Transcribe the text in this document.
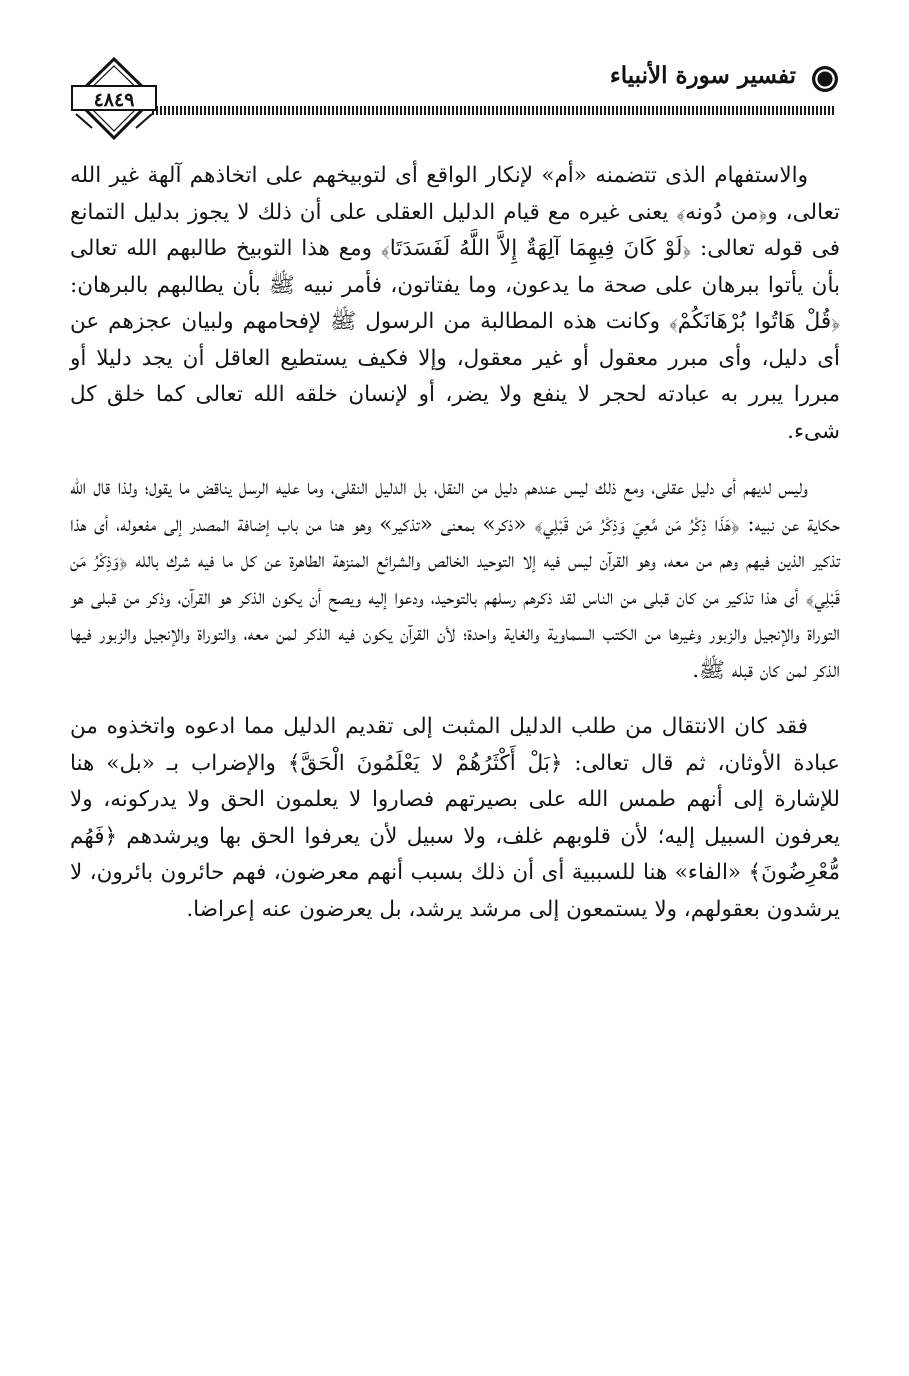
تفسير سورة الأنبياء
٤٨٤٩

والاستفهام الذى تتضمنه «أم» لإنكار الواقع أى لتوبيخهم على اتخاذهم آلهة غير الله تعالى، و﴿من دُونه﴾ يعنى غيره مع قيام الدليل العقلى على أن ذلك لا يجوز بدليل التمانع فى قوله تعالى: ﴿لَوْ كَانَ فِيهِمَا آلِهَةٌ إِلاَّ اللَّهُ لَفَسَدَتَا﴾ ومع هذا التوبيخ طالبهم الله تعالى بأن يأتوا ببرهان على صحة ما يدعون، وما يفتاتون، فأمر نبيه ﷺ بأن يطالبهم بالبرهان: ﴿قُلْ هَاتُوا بُرْهَانَكُمْ﴾ وكانت هذه المطالبة من الرسول ﷺ لإفحامهم ولبيان عجزهم عن أى دليل، وأى مبرر معقول أو غير معقول، وإلا فكيف يستطيع العاقل أن يجد دليلا أو مبررا يبرر به عبادته لحجر لا ينفع ولا يضر، أو لإنسان خلقه الله تعالى كما خلق كل شىء.

وليس لديهم أى دليل عقلى، ومع ذلك ليس عندهم دليل من النقل، بل الدليل النقلى، وما عليه الرسل يناقض ما يقول؛ ولذا قال الله حكاية عن نبيه: ﴿هَذَا ذِكْرُ مَن مَّعِيَ وَذِكْرُ مَن قَبْلِي﴾ «ذكر» بمعنى «تذكير» وهو هنا من باب إضافة المصدر إلى مفعوله، أى هذا تذكير الذين فيهم وهم من معه، وهو القرآن ليس فيه إلا التوحيد الخالص والشرائع المنزهة الطاهرة عن كل ما فيه شرك بالله ﴿وَذِكْرُ مَن قَبْلِي﴾ أى هذا تذكير من كان قبلى من الناس لقد ذكرهم رسلهم بالتوحيد، ودعوا إليه ويصح أن يكون الذكر هو القرآن، وذكر من قبلى هو التوراة والإنجيل والزبور وغيرها من الكتب السماوية والغاية واحدة؛ لأن القرآن يكون فيه الذكر لمن معه، والتوراة والإنجيل والزبور فيها الذكر لمن كان قبله ﷺ.

فقد كان الانتقال من طلب الدليل المثبت إلى تقديم الدليل مما ادعوه واتخذوه من عبادة الأوثان، ثم قال تعالى: ﴿بَلْ أَكْثَرُهُمْ لا يَعْلَمُونَ الْحَقَّ﴾ والإضراب بـ «بل» هنا للإشارة إلى أنهم طمس الله على بصيرتهم فصاروا لا يعلمون الحق ولا يدركونه، ولا يعرفون السبيل إليه؛ لأن قلوبهم غلف، ولا سبيل لأن يعرفوا الحق بها ويرشدهم ﴿فَهُم مُّعْرِضُونَ﴾ «الفاء» هنا للسببية أى أن ذلك بسبب أنهم معرضون، فهم حائرون بائرون، لا يرشدون بعقولهم، ولا يستمعون إلى مرشد يرشد، بل يعرضون عنه إعراضا.
